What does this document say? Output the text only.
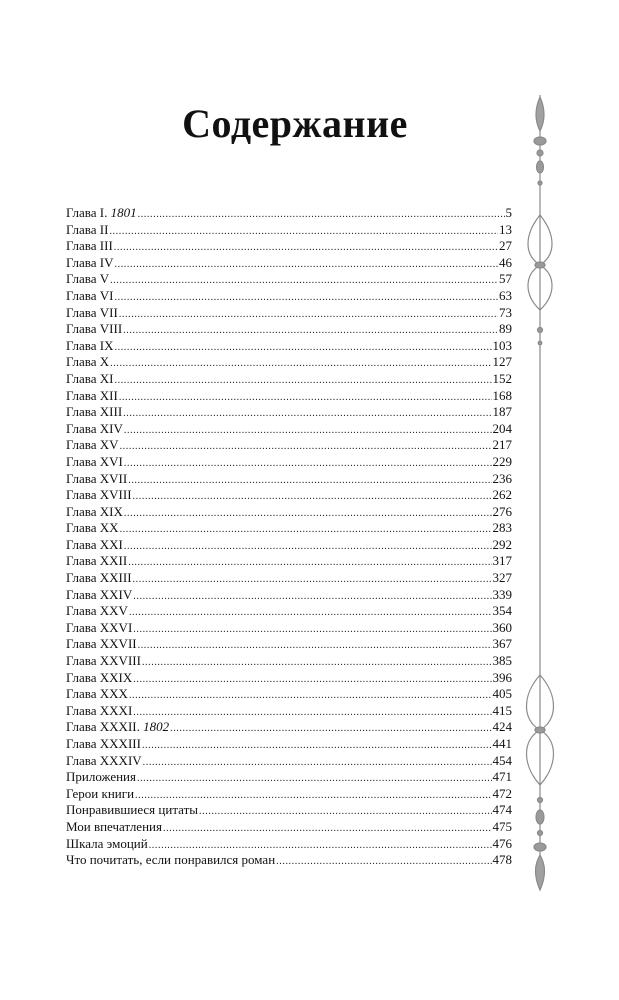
Содержание
Глава I. 1801 .....	5
Глава II .....	13
Глава III .....	27
Глава IV .....	46
Глава V .....	57
Глава VI .....	63
Глава VII .....	73
Глава VIII .....	89
Глава IX .....	103
Глава X .....	127
Глава XI .....	152
Глава XII .....	168
Глава XIII .....	187
Глава XIV .....	204
Глава XV .....	217
Глава XVI .....	229
Глава XVII .....	236
Глава XVIII .....	262
Глава XIX .....	276
Глава XX .....	283
Глава XXI .....	292
Глава XXII .....	317
Глава XXIII .....	327
Глава XXIV .....	339
Глава XXV .....	354
Глава XXVI .....	360
Глава XXVII .....	367
Глава XXVIII .....	385
Глава XXIX .....	396
Глава XXX .....	405
Глава XXXI .....	415
Глава XXXII. 1802 .....	424
Глава XXXIII .....	441
Глава XXXIV .....	454
Приложения .....	471
Герои книги .....	472
Понравившиеся цитаты .....	474
Мои впечатления .....	475
Шкала эмоций .....	476
Что почитать, если понравился роман .....	478
